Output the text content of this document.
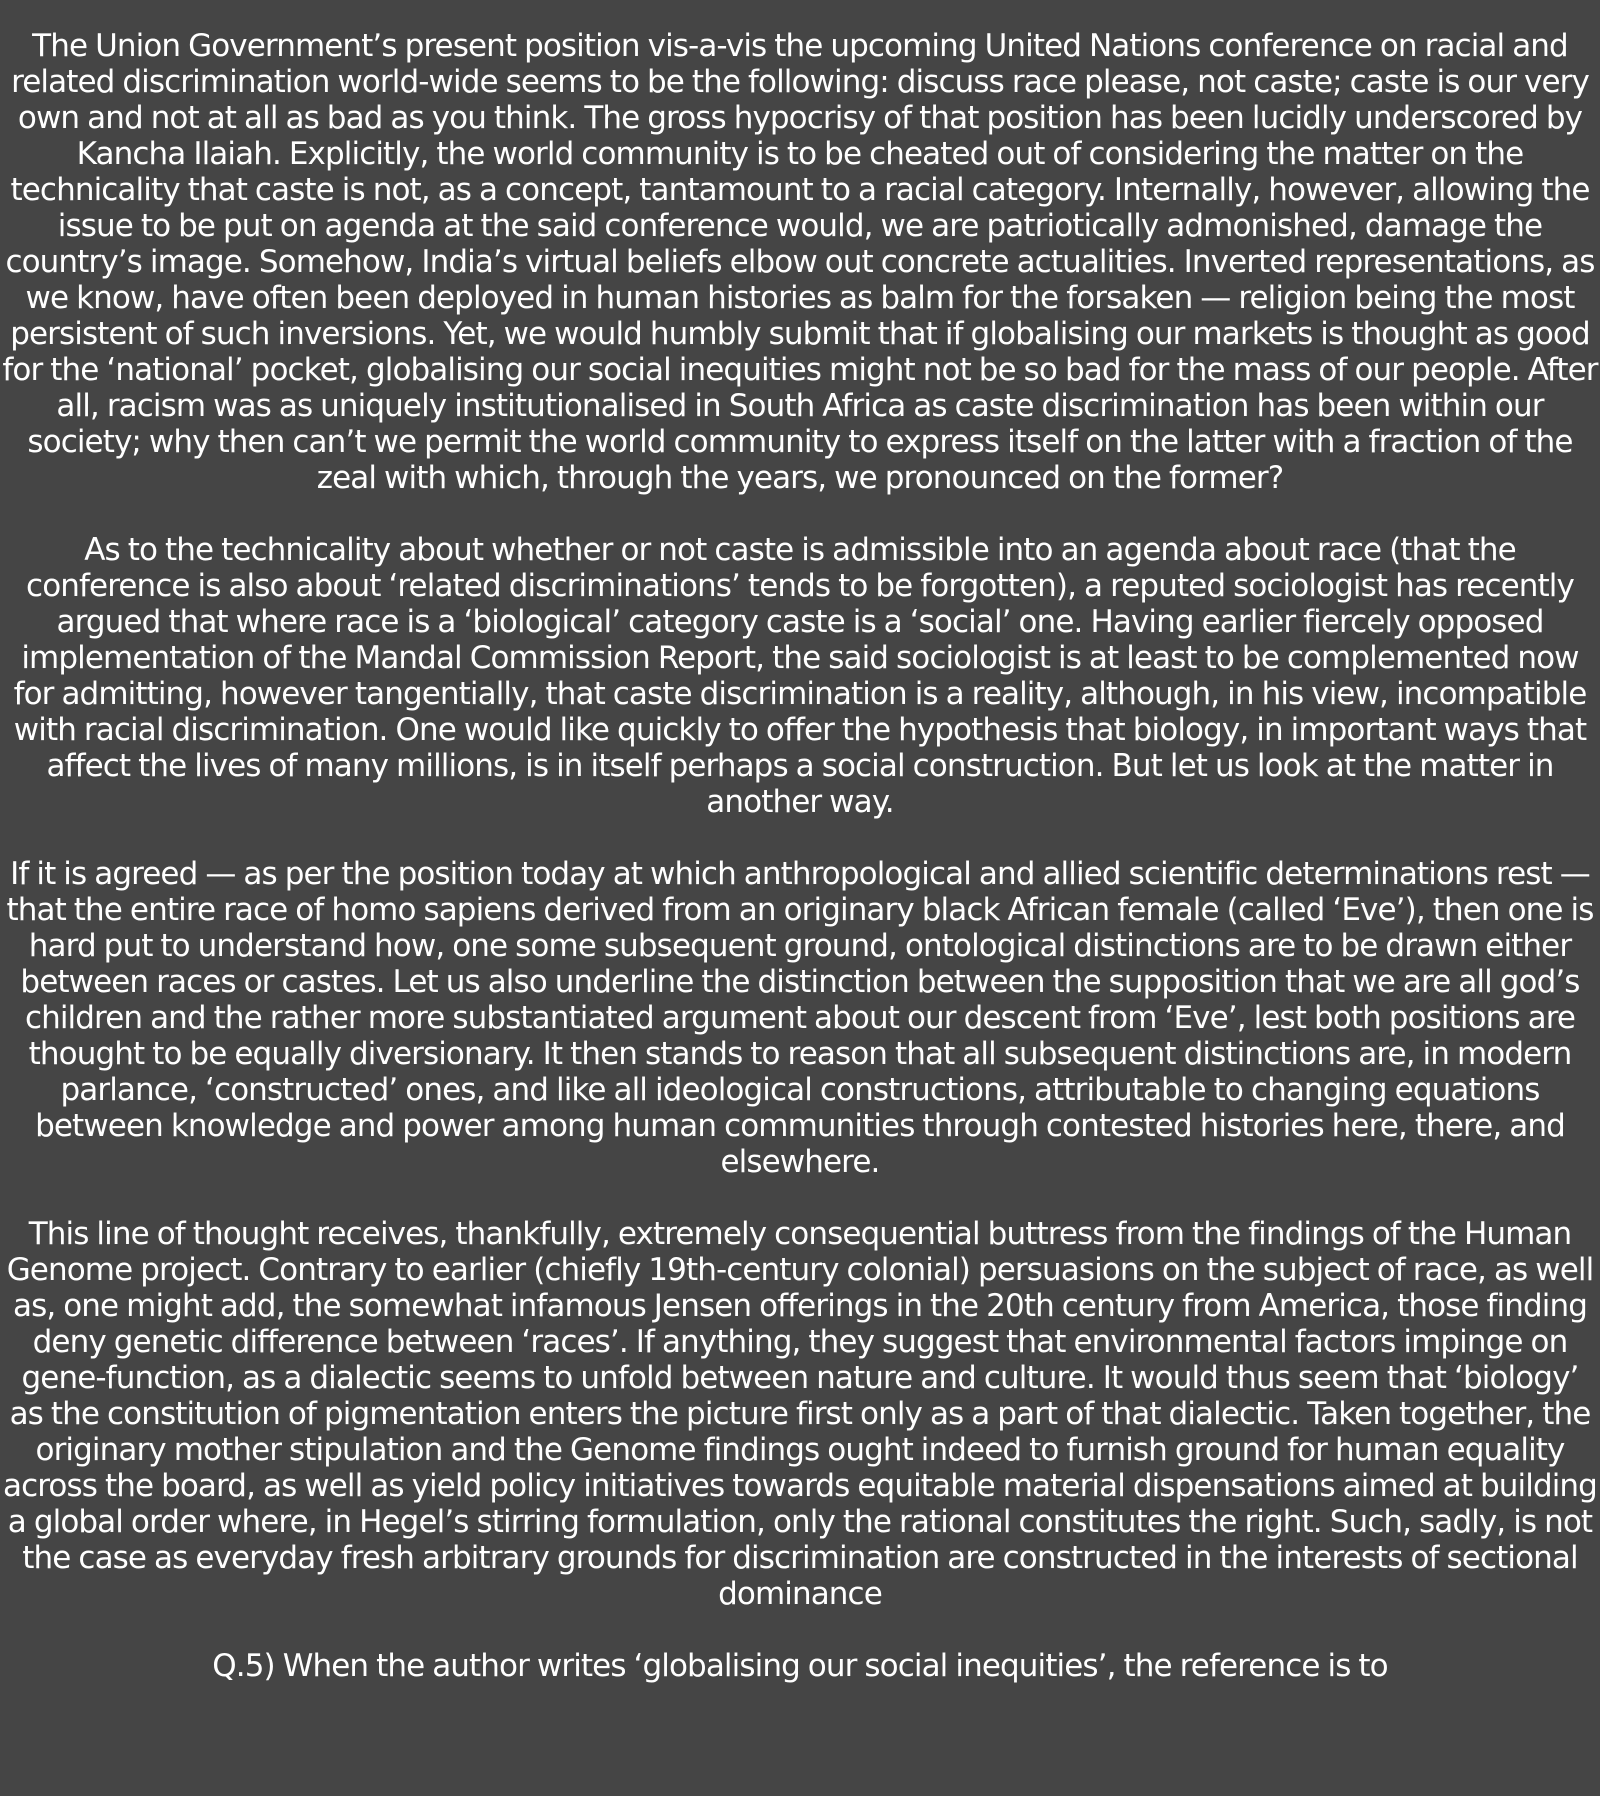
The Union Government’s present position vis-a-vis the upcoming United Nations conference on racial and related discrimination world-wide seems to be the following: discuss race please, not caste; caste is our very own and not at all as bad as you think. The gross hypocrisy of that position has been lucidly underscored by Kancha Ilaiah. Explicitly, the world community is to be cheated out of considering the matter on the technicality that caste is not, as a concept, tantamount to a racial category. Internally, however, allowing the issue to be put on agenda at the said conference would, we are patriotically admonished, damage the country’s image. Somehow, India’s virtual beliefs elbow out concrete actualities. Inverted representations, as we know, have often been deployed in human histories as balm for the forsaken — religion being the most persistent of such inversions. Yet, we would humbly submit that if globalising our markets is thought as good for the ‘national’ pocket, globalising our social inequities might not be so bad for the mass of our people. After all, racism was as uniquely institutionalised in South Africa as caste discrimination has been within our society; why then can’t we permit the world community to express itself on the latter with a fraction of the zeal with which, through the years, we pronounced on the former?

As to the technicality about whether or not caste is admissible into an agenda about race (that the conference is also about ‘related discriminations’ tends to be forgotten), a reputed sociologist has recently argued that where race is a ‘biological’ category caste is a ‘social’ one. Having earlier fiercely opposed implementation of the Mandal Commission Report, the said sociologist is at least to be complemented now for admitting, however tangentially, that caste discrimination is a reality, although, in his view, incompatible with racial discrimination. One would like quickly to offer the hypothesis that biology, in important ways that affect the lives of many millions, is in itself perhaps a social construction. But let us look at the matter in another way.

If it is agreed — as per the position today at which anthropological and allied scientific determinations rest — that the entire race of homo sapiens derived from an originary black African female (called ‘Eve’), then one is hard put to understand how, one some subsequent ground, ontological distinctions are to be drawn either between races or castes. Let us also underline the distinction between the supposition that we are all god’s children and the rather more substantiated argument about our descent from ‘Eve’, lest both positions are thought to be equally diversionary. It then stands to reason that all subsequent distinctions are, in modern parlance, ‘constructed’ ones, and like all ideological constructions, attributable to changing equations between knowledge and power among human communities through contested histories here, there, and elsewhere.

This line of thought receives, thankfully, extremely consequential buttress from the findings of the Human Genome project. Contrary to earlier (chiefly 19th-century colonial) persuasions on the subject of race, as well as, one might add, the somewhat infamous Jensen offerings in the 20th century from America, those finding deny genetic difference between ‘races’. If anything, they suggest that environmental factors impinge on gene-function, as a dialectic seems to unfold between nature and culture. It would thus seem that ‘biology’ as the constitution of pigmentation enters the picture first only as a part of that dialectic. Taken together, the originary mother stipulation and the Genome findings ought indeed to furnish ground for human equality across the board, as well as yield policy initiatives towards equitable material dispensations aimed at building a global order where, in Hegel’s stirring formulation, only the rational constitutes the right. Such, sadly, is not the case as everyday fresh arbitrary grounds for discrimination are constructed in the interests of sectional dominance

Q.5) When the author writes ‘globalising our social inequities’, the reference is to
